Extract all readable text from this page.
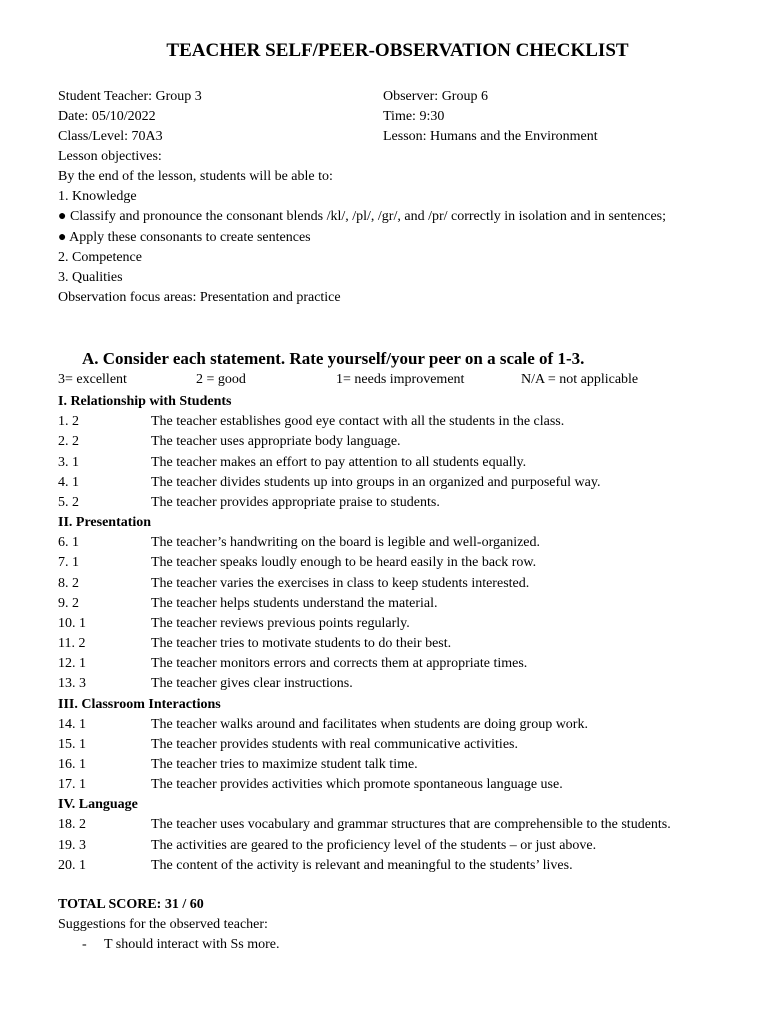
TEACHER SELF/PEER-OBSERVATION CHECKLIST
Student Teacher: Group 3	Observer: Group 6
Date: 05/10/2022	Time: 9:30
Class/Level: 70A3	Lesson: Humans and the Environment
Lesson objectives:
By the end of the lesson, students will be able to:
1. Knowledge
● Classify and pronounce the consonant blends /kl/, /pl/, /gr/, and /pr/ correctly in isolation and in sentences;
● Apply these consonants to create sentences
2. Competence
3. Qualities
Observation focus areas: Presentation and practice
A. Consider each statement. Rate yourself/your peer on a scale of 1-3.
3= excellent	2 = good	1= needs improvement	N/A = not applicable
I. Relationship with Students
1. 2	The teacher establishes good eye contact with all the students in the class.
2. 2	The teacher uses appropriate body language.
3. 1	The teacher makes an effort to pay attention to all students equally.
4. 1	The teacher divides students up into groups in an organized and purposeful way.
5. 2	The teacher provides appropriate praise to students.
II. Presentation
6. 1	The teacher’s handwriting on the board is legible and well-organized.
7. 1	The teacher speaks loudly enough to be heard easily in the back row.
8. 2	The teacher varies the exercises in class to keep students interested.
9. 2	The teacher helps students understand the material.
10. 1	The teacher reviews previous points regularly.
11. 2	The teacher tries to motivate students to do their best.
12. 1	The teacher monitors errors and corrects them at appropriate times.
13. 3	The teacher gives clear instructions.
III. Classroom Interactions
14. 1	The teacher walks around and facilitates when students are doing group work.
15. 1	The teacher provides students with real communicative activities.
16. 1	The teacher tries to maximize student talk time.
17. 1	The teacher provides activities which promote spontaneous language use.
IV. Language
18. 2	The teacher uses vocabulary and grammar structures that are comprehensible to the students.
19. 3	The activities are geared to the proficiency level of the students – or just above.
20. 1	The content of the activity is relevant and meaningful to the students’ lives.
TOTAL SCORE: 31 / 60
Suggestions for the observed teacher:
- T should interact with Ss more.
